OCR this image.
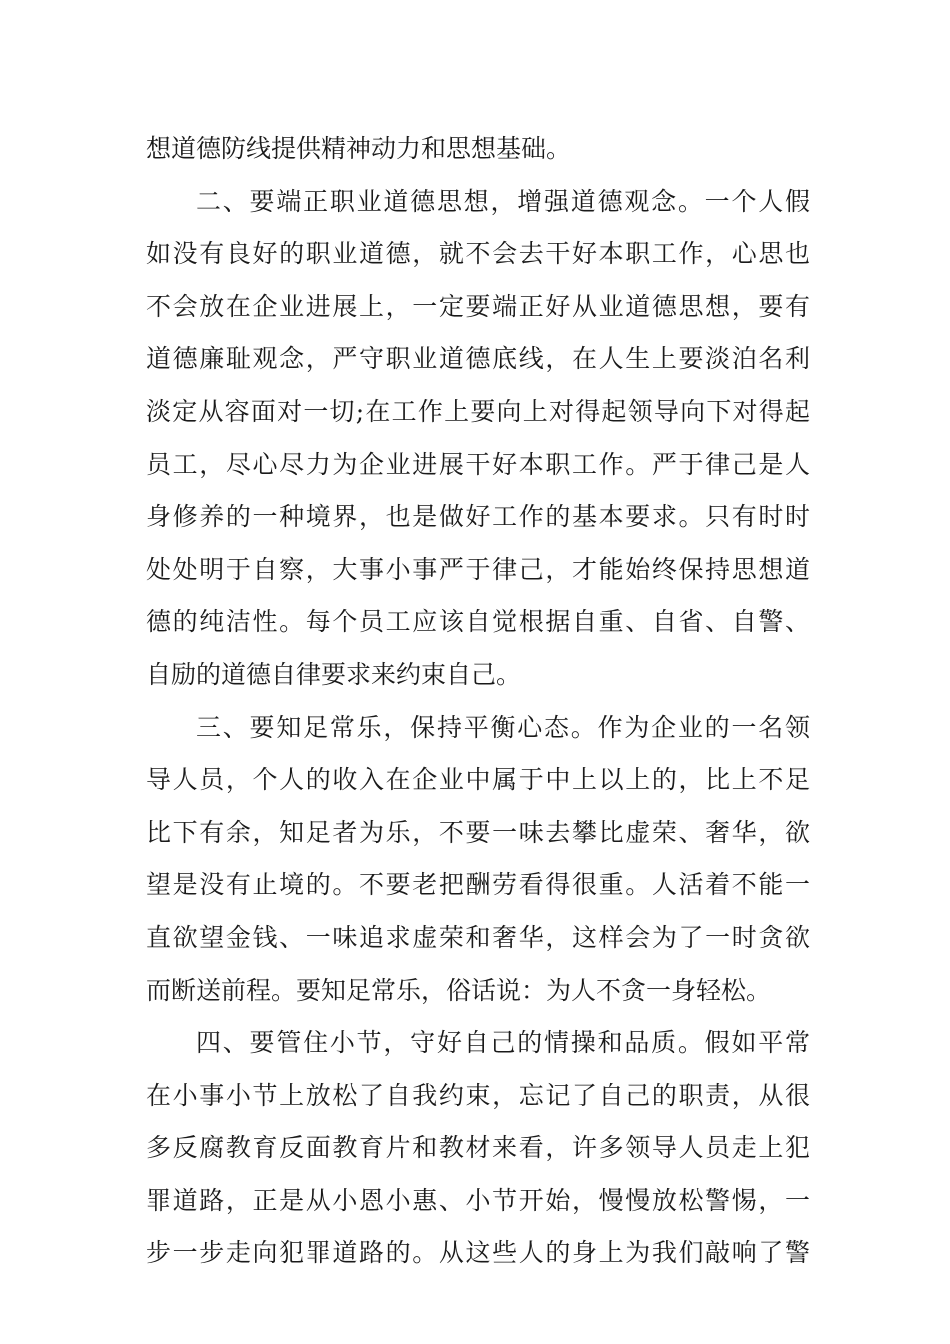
想道德防线提供精神动力和思想基础。
二、要端正职业道德思想，增强道德观念。一个人假
如没有良好的职业道德，就不会去干好本职工作，心思也
不会放在企业进展上，一定要端正好从业道德思想，要有
道德廉耻观念，严守职业道德底线，在人生上要淡泊名利
淡定从容面对一切;在工作上要向上对得起领导向下对得起
员工，尽心尽力为企业进展干好本职工作。严于律己是人
身修养的一种境界，也是做好工作的基本要求。只有时时
处处明于自察，大事小事严于律己，才能始终保持思想道
德的纯洁性。每个员工应该自觉根据自重、自省、自警、
自励的道德自律要求来约束自己。
三、要知足常乐，保持平衡心态。作为企业的一名领
导人员，个人的收入在企业中属于中上以上的，比上不足
比下有余，知足者为乐，不要一味去攀比虚荣、奢华，欲
望是没有止境的。不要老把酬劳看得很重。人活着不能一
直欲望金钱、一味追求虚荣和奢华，这样会为了一时贪欲
而断送前程。要知足常乐，俗话说：为人不贪一身轻松。
四、要管住小节，守好自己的情操和品质。假如平常
在小事小节上放松了自我约束，忘记了自己的职责，从很
多反腐教育反面教育片和教材来看，许多领导人员走上犯
罪道路，正是从小恩小惠、小节开始，慢慢放松警惕，一
步一步走向犯罪道路的。从这些人的身上为我们敲响了警
